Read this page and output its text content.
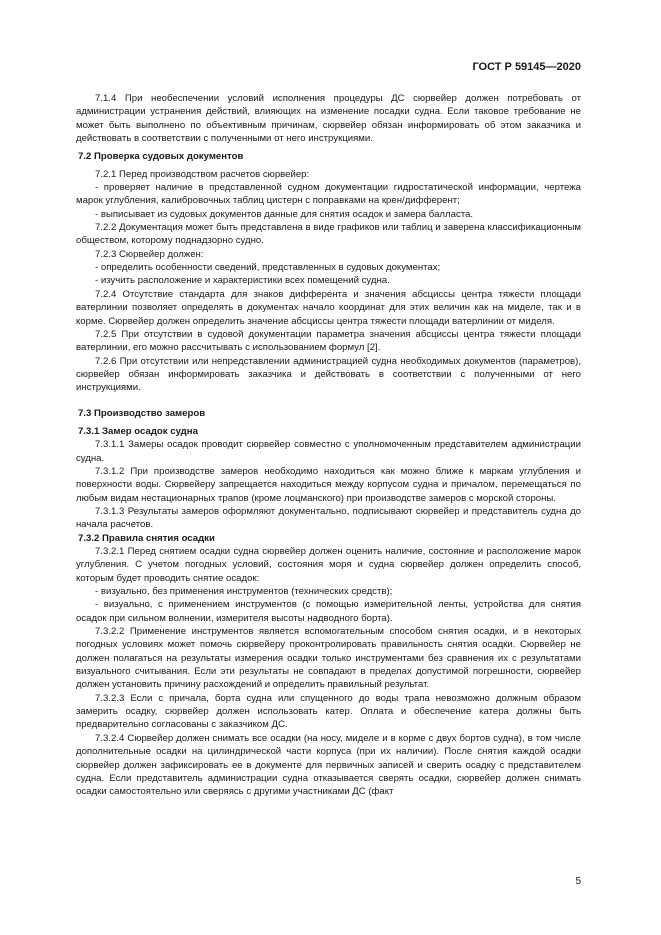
ГОСТ Р 59145—2020

7.1.4 При необеспечении условий исполнения процедуры ДС сюрвейер должен потребовать от администрации устранения действий, влияющих на изменение посадки судна. Если таковое требование не может быть выполнено по объективным причинам, сюрвейер обязан информировать об этом заказчика и действовать в соответствии с полученными от него инструкциями.

7.2 Проверка судовых документов

7.2.1 Перед производством расчетов сюрвейер:

- проверяет наличие в представленной судном документации гидростатической информации, чертежа марок углубления, калибровочных таблиц цистерн с поправками на крен/дифферент;

- выписывает из судовых документов данные для снятия осадок и замера балласта.

7.2.2 Документация может быть представлена в виде графиков или таблиц и заверена классификационным обществом, которому поднадзорно судно.

7.2.3 Сюрвейер должен:

- определить особенности сведений, представленных в судовых документах;

- изучить расположение и характеристики всех помещений судна.

7.2.4 Отсутствие стандарта для знаков дифферента и значения абсциссы центра тяжести площади ватерлинии позволяет определять в документах начало координат для этих величин как на миделе, так и в корме. Сюрвейер должен определить значение абсциссы центра тяжести площади ватерлинии от миделя.

7.2.5 При отсутствии в судовой документации параметра значения абсциссы центра тяжести площади ватерлинии, его можно рассчитывать с использованием формул [2].

7.2.6 При отсутствии или непредставлении администрацией судна необходимых документов (параметров), сюрвейер обязан информировать заказчика и действовать в соответствии с полученными от него инструкциями.

7.3 Производство замеров

7.3.1 Замер осадок судна

7.3.1.1 Замеры осадок проводит сюрвейер совместно с уполномоченным представителем администрации судна.

7.3.1.2 При производстве замеров необходимо находиться как можно ближе к маркам углубления и поверхности воды. Сюрвейеру запрещается находиться между корпусом судна и причалом, перемещаться по любым видам нестационарных трапов (кроме лоцманского) при производстве замеров с морской стороны.

7.3.1.3 Результаты замеров оформляют документально, подписывают сюрвейер и представитель судна до начала расчетов.

7.3.2 Правила снятия осадки

7.3.2.1 Перед снятием осадки судна сюрвейер должен оценить наличие, состояние и расположение марок углубления. С учетом погодных условий, состояния моря и судна сюрвейер должен определить способ, которым будет проводить снятие осадок:

- визуально, без применения инструментов (технических средств);

- визуально, с применением инструментов (с помощью измерительной ленты, устройства для снятия осадок при сильном волнении, измерителя высоты надводного борта).

7.3.2.2 Применение инструментов является вспомогательным способом снятия осадки, и в некоторых погодных условиях может помочь сюрвейеру проконтролировать правильность снятия осадки. Сюрвейер не должен полагаться на результаты измерения осадки только инструментами без сравнения их с результатами визуального считывания. Если эти результаты не совпадают в пределах допустимой погрешности, сюрвейер должен установить причину расхождений и определить правильный результат.

7.3.2.3 Если с причала, борта судна или спущенного до воды трапа невозможно должным образом замерить осадку, сюрвейер должен использовать катер. Оплата и обеспечение катера должны быть предварительно согласованы с заказчиком ДС.

7.3.2.4 Сюрвейер должен снимать все осадки (на носу, миделе и в корме с двух бортов судна), в том числе дополнительные осадки на цилиндрической части корпуса (при их наличии). После снятия каждой осадки сюрвейер должен зафиксировать ее в документе для первичных записей и сверить осадку с представителем судна. Если представитель администрации судна отказывается сверять осадки, сюрвейер должен снимать осадки самостоятельно или сверяясь с другими участниками ДС (факт

5
